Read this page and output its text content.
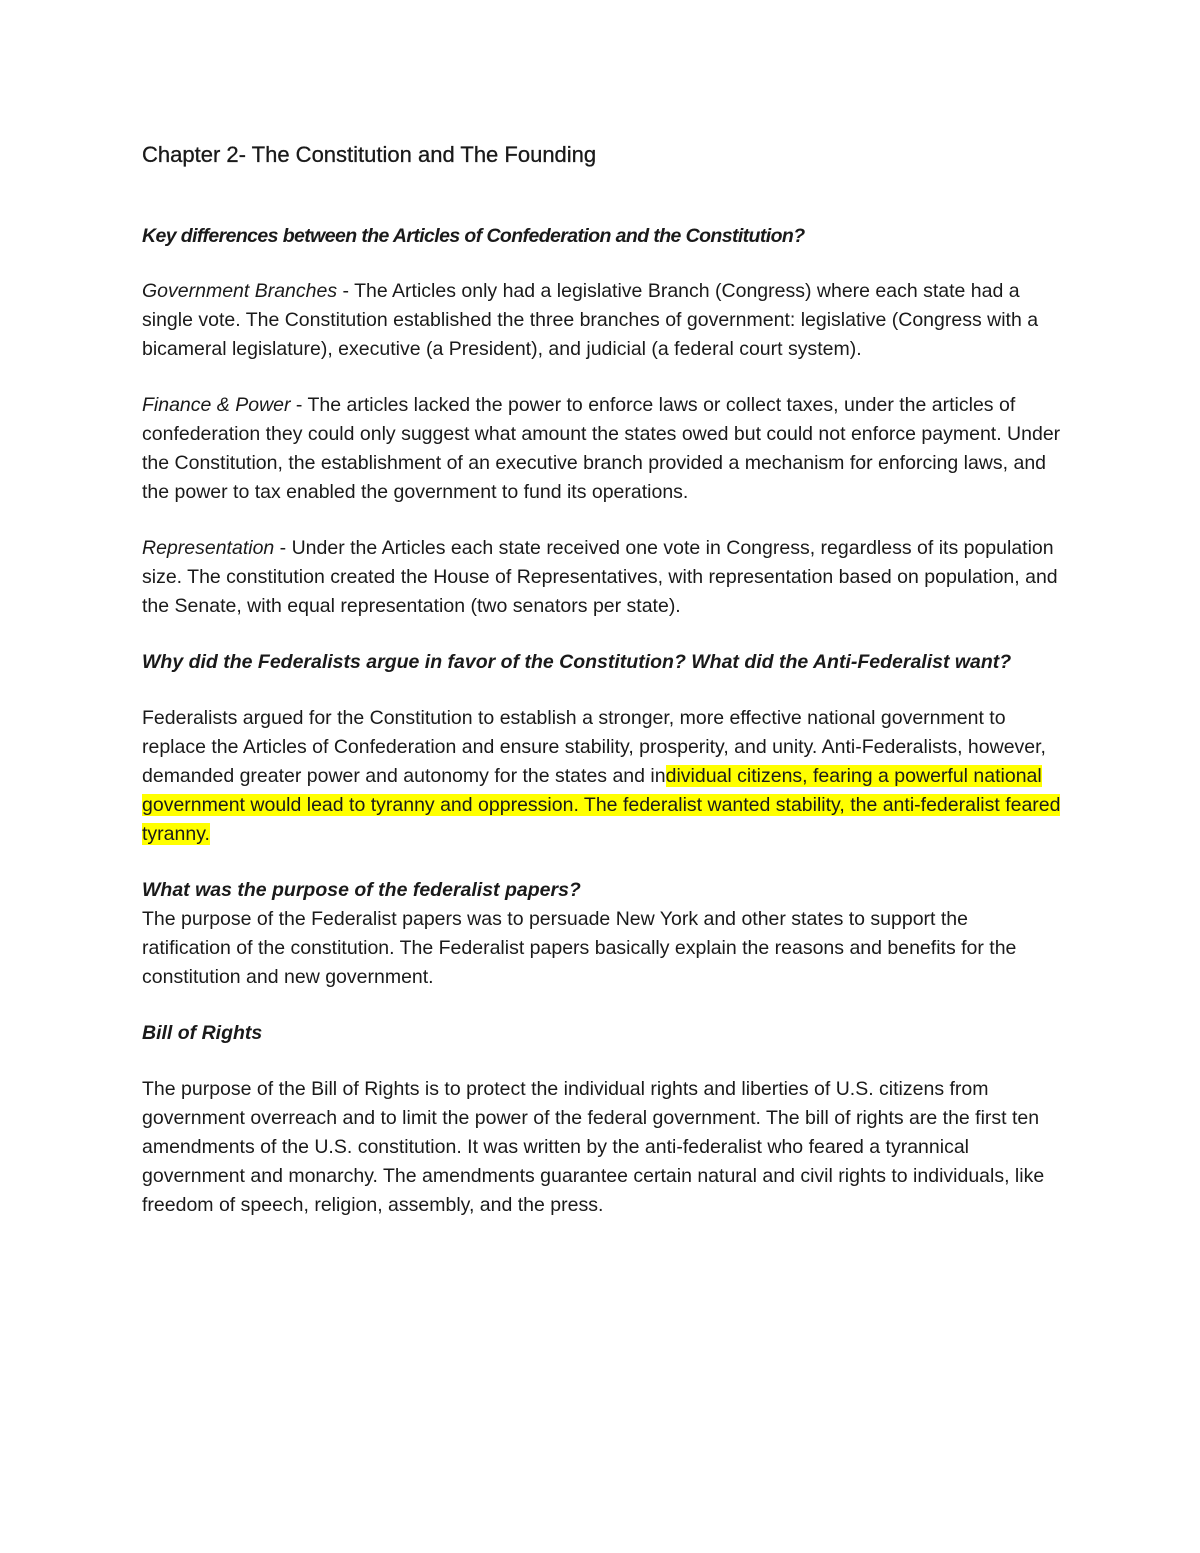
Chapter 2- The Constitution and The Founding
Key differences between the Articles of Confederation and the Constitution?

Government Branches - The Articles only had a legislative Branch (Congress) where each state had a single vote. The Constitution established the three branches of government: legislative (Congress with a bicameral legislature), executive (a President), and judicial (a federal court system).

Finance & Power - The articles lacked the power to enforce laws or collect taxes, under the articles of confederation they could only suggest what amount the states owed but could not enforce payment. Under the Constitution, the establishment of an executive branch provided a mechanism for enforcing laws, and the power to tax enabled the government to fund its operations.

Representation - Under the Articles each state received one vote in Congress, regardless of its population size. The constitution created the House of Representatives, with representation based on population, and the Senate, with equal representation (two senators per state).

Why did the Federalists argue in favor of the Constitution? What did the Anti-Federalist want?

Federalists argued for the Constitution to establish a stronger, more effective national government to replace the Articles of Confederation and ensure stability, prosperity, and unity. Anti-Federalists, however, demanded greater power and autonomy for the states and individual citizens, fearing a powerful national government would lead to tyranny and oppression. The federalist wanted stability, the anti-federalist feared tyranny.

What was the purpose of the federalist papers?

The purpose of the Federalist papers was to persuade New York and other states to support the ratification of the constitution. The Federalist papers basically explain the reasons and benefits for the constitution and new government.

Bill of Rights

The purpose of the Bill of Rights is to protect the individual rights and liberties of U.S. citizens from government overreach and to limit the power of the federal government. The bill of rights are the first ten amendments of the U.S. constitution. It was written by the anti-federalist who feared a tyrannical government and monarchy. The amendments guarantee certain natural and civil rights to individuals, like freedom of speech, religion, assembly, and the press.
